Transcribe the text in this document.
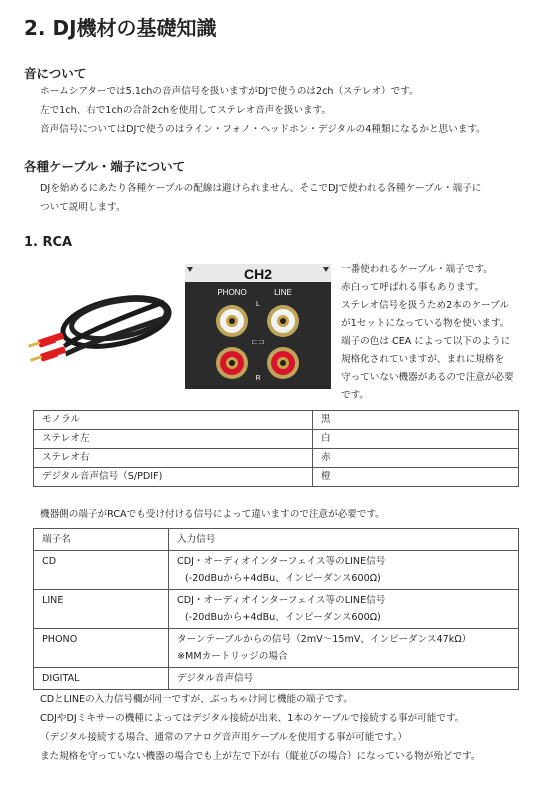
2. DJ機材の基礎知識
音について
ホームシアターでは5.1chの音声信号を扱いますがDJで使うのは2ch（ステレオ）です。
左で1ch、右で1chの合計2chを使用してステレオ音声を扱います。
音声信号についてはDJで使うのはライン・フォノ・ヘッドホン・デジタルの4種類になるかと思います。
各種ケーブル・端子について
DJを始めるにあたり各種ケーブルの配線は避けられません、そこでDJで使われる各種ケーブル・端子に
ついて説明します。
1. RCA
CH2
PHONO	LINE
L
R
⊏⊐
一番使われるケーブル・端子です。
赤白って呼ばれる事もあります。
ステレオ信号を扱うため2本のケーブル
が1セットになっている物を使います。
端子の色は CEA によって以下のように
規格化されていますが、まれに規格を
守っていない機器があるので注意が必要
です。
モノラル	黒
ステレオ左	白
ステレオ右	赤
デジタル音声信号（S/PDIF)	橙
機器側の端子がRCAでも受け付ける信号によって違いますので注意が必要です。
端子名	入力信号
CD	CDJ・オーディオインターフェイス等のLINE信号
(-20dBuから+4dBu、インピーダンス600Ω)

LINE	CDJ・オーディオインターフェイス等のLINE信号
(-20dBuから+4dBu、インピーダンス600Ω)

PHONO	ターンテーブルからの信号（2mV～15mV、インピーダンス47kΩ）
※MMカートリッジの場合

DIGITAL	デジタル音声信号
CDとLINEの入力信号欄が同一ですが、ぶっちゃけ同じ機能の端子です。
CDJやDJミキサーの機種によってはデジタル接続が出来、1本のケーブルで接続する事が可能です。
（デジタル接続する場合、通常のアナログ音声用ケーブルを使用する事が可能です。）
また規格を守っていない機器の場合でも上が左で下が右（縦並びの場合）になっている物が殆どです。
